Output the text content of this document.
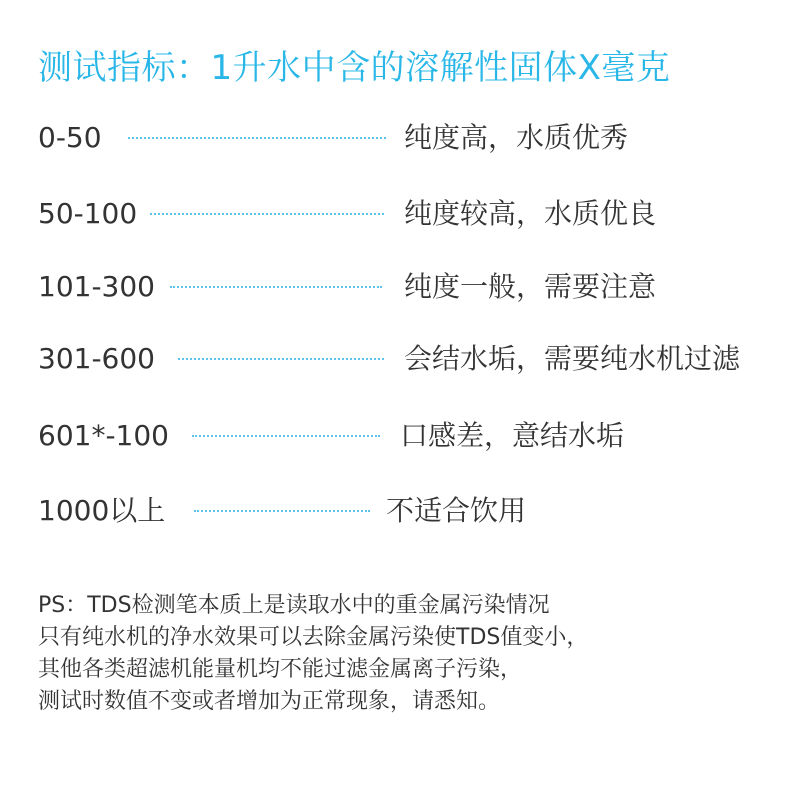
测试指标：1升水中含的溶解性固体X毫克
0-50	纯度高，水质优秀
50-100	纯度较高，水质优良
101-300	纯度一般，需要注意
301-600	会结水垢，需要纯水机过滤
601*-100	口感差，意结水垢
1000以上	不适合饮用
PS：TDS检测笔本质上是读取水中的重金属污染情况
只有纯水机的净水效果可以去除金属污染使TDS值变小，
其他各类超滤机能量机均不能过滤金属离子污染，
测试时数值不变或者增加为正常现象，请悉知。
